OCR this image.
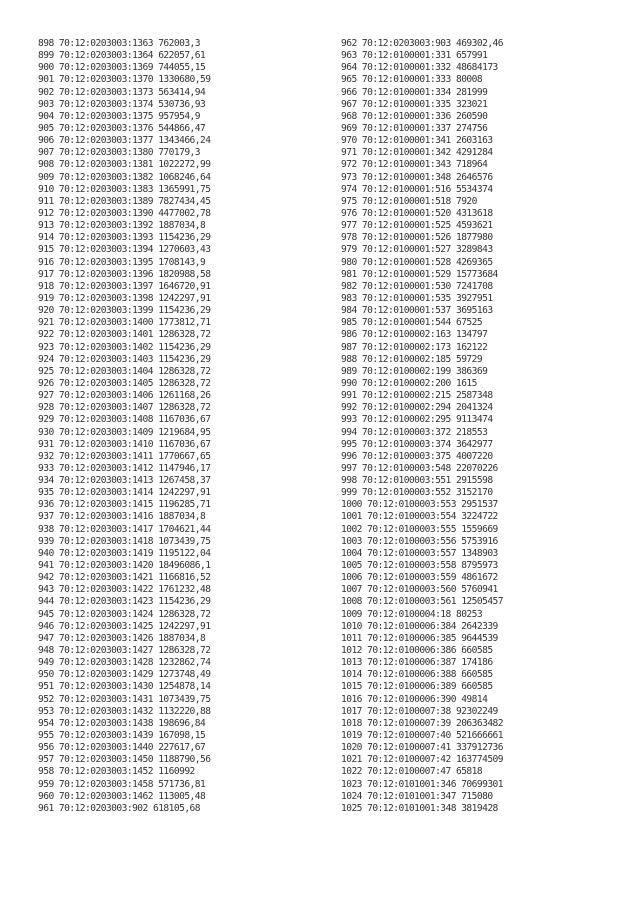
898 70:12:0203003:1363 762003,3
899 70:12:0203003:1364 622057,61
900 70:12:0203003:1369 744055,15
901 70:12:0203003:1370 1330680,59
902 70:12:0203003:1373 563414,94
903 70:12:0203003:1374 530736,93
904 70:12:0203003:1375 957954,9
905 70:12:0203003:1376 544866,47
906 70:12:0203003:1377 1343466,24
907 70:12:0203003:1380 770179,3
908 70:12:0203003:1381 1022272,99
909 70:12:0203003:1382 1068246,64
910 70:12:0203003:1383 1365991,75
911 70:12:0203003:1389 7827434,45
912 70:12:0203003:1390 4477002,78
913 70:12:0203003:1392 1887034,8
914 70:12:0203003:1393 1154236,29
915 70:12:0203003:1394 1270603,43
916 70:12:0203003:1395 1708143,9
917 70:12:0203003:1396 1820988,58
918 70:12:0203003:1397 1646720,91
919 70:12:0203003:1398 1242297,91
920 70:12:0203003:1399 1154236,29
921 70:12:0203003:1400 1773812,71
922 70:12:0203003:1401 1286328,72
923 70:12:0203003:1402 1154236,29
924 70:12:0203003:1403 1154236,29
925 70:12:0203003:1404 1286328,72
926 70:12:0203003:1405 1286328,72
927 70:12:0203003:1406 1261168,26
928 70:12:0203003:1407 1286328,72
929 70:12:0203003:1408 1167036,67
930 70:12:0203003:1409 1219684,95
931 70:12:0203003:1410 1167036,67
932 70:12:0203003:1411 1770667,65
933 70:12:0203003:1412 1147946,17
934 70:12:0203003:1413 1267458,37
935 70:12:0203003:1414 1242297,91
936 70:12:0203003:1415 1196285,71
937 70:12:0203003:1416 1887034,8
938 70:12:0203003:1417 1704621,44
939 70:12:0203003:1418 1073439,75
940 70:12:0203003:1419 1195122,04
941 70:12:0203003:1420 18496086,1
942 70:12:0203003:1421 1166816,52
943 70:12:0203003:1422 1761232,48
944 70:12:0203003:1423 1154236,29
945 70:12:0203003:1424 1286328,72
946 70:12:0203003:1425 1242297,91
947 70:12:0203003:1426 1887034,8
948 70:12:0203003:1427 1286328,72
949 70:12:0203003:1428 1232862,74
950 70:12:0203003:1429 1273748,49
951 70:12:0203003:1430 1254878,14
952 70:12:0203003:1431 1073439,75
953 70:12:0203003:1432 1132220,88
954 70:12:0203003:1438 198696,84
955 70:12:0203003:1439 167098,15
956 70:12:0203003:1440 227617,67
957 70:12:0203003:1450 1188790,56
958 70:12:0203003:1452 1160992
959 70:12:0203003:1458 571736,81
960 70:12:0203003:1462 113005,48
961 70:12:0203003:902 618105,68
962 70:12:0203003:903 469302,46
963 70:12:0100001:331 657991
964 70:12:0100001:332 48684173
965 70:12:0100001:333 80008
966 70:12:0100001:334 281999
967 70:12:0100001:335 323021
968 70:12:0100001:336 260590
969 70:12:0100001:337 274756
970 70:12:0100001:341 2603163
971 70:12:0100001:342 4291284
972 70:12:0100001:343 718964
973 70:12:0100001:348 2646576
974 70:12:0100001:516 5534374
975 70:12:0100001:518 7920
976 70:12:0100001:520 4313618
977 70:12:0100001:525 4593621
978 70:12:0100001:526 1877980
979 70:12:0100001:527 3289843
980 70:12:0100001:528 4269365
981 70:12:0100001:529 15773684
982 70:12:0100001:530 7241708
983 70:12:0100001:535 3927951
984 70:12:0100001:537 3695163
985 70:12:0100001:544 67525
986 70:12:0100002:163 134797
987 70:12:0100002:173 162122
988 70:12:0100002:185 59729
989 70:12:0100002:199 386369
990 70:12:0100002:200 1615
991 70:12:0100002:215 2587348
992 70:12:0100002:294 2041324
993 70:12:0100002:295 9113474
994 70:12:0100003:372 218553
995 70:12:0100003:374 3642977
996 70:12:0100003:375 4007220
997 70:12:0100003:548 22070226
998 70:12:0100003:551 2915598
999 70:12:0100003:552 3152170
1000 70:12:0100003:553 2951537
1001 70:12:0100003:554 3224722
1002 70:12:0100003:555 1559669
1003 70:12:0100003:556 5753916
1004 70:12:0100003:557 1348903
1005 70:12:0100003:558 8795973
1006 70:12:0100003:559 4861672
1007 70:12:0100003:560 5760941
1008 70:12:0100003:561 12505457
1009 70:12:0100004:18 80253
1010 70:12:0100006:384 2642339
1011 70:12:0100006:385 9644539
1012 70:12:0100006:386 660585
1013 70:12:0100006:387 174186
1014 70:12:0100006:388 660585
1015 70:12:0100006:389 660585
1016 70:12:0100006:390 49814
1017 70:12:0100007:38 92302249
1018 70:12:0100007:39 206363482
1019 70:12:0100007:40 521666661
1020 70:12:0100007:41 337912736
1021 70:12:0100007:42 163774509
1022 70:12:0100007:47 65818
1023 70:12:0101001:346 70699301
1024 70:12:0101001:347 715080
1025 70:12:0101001:348 3819428
